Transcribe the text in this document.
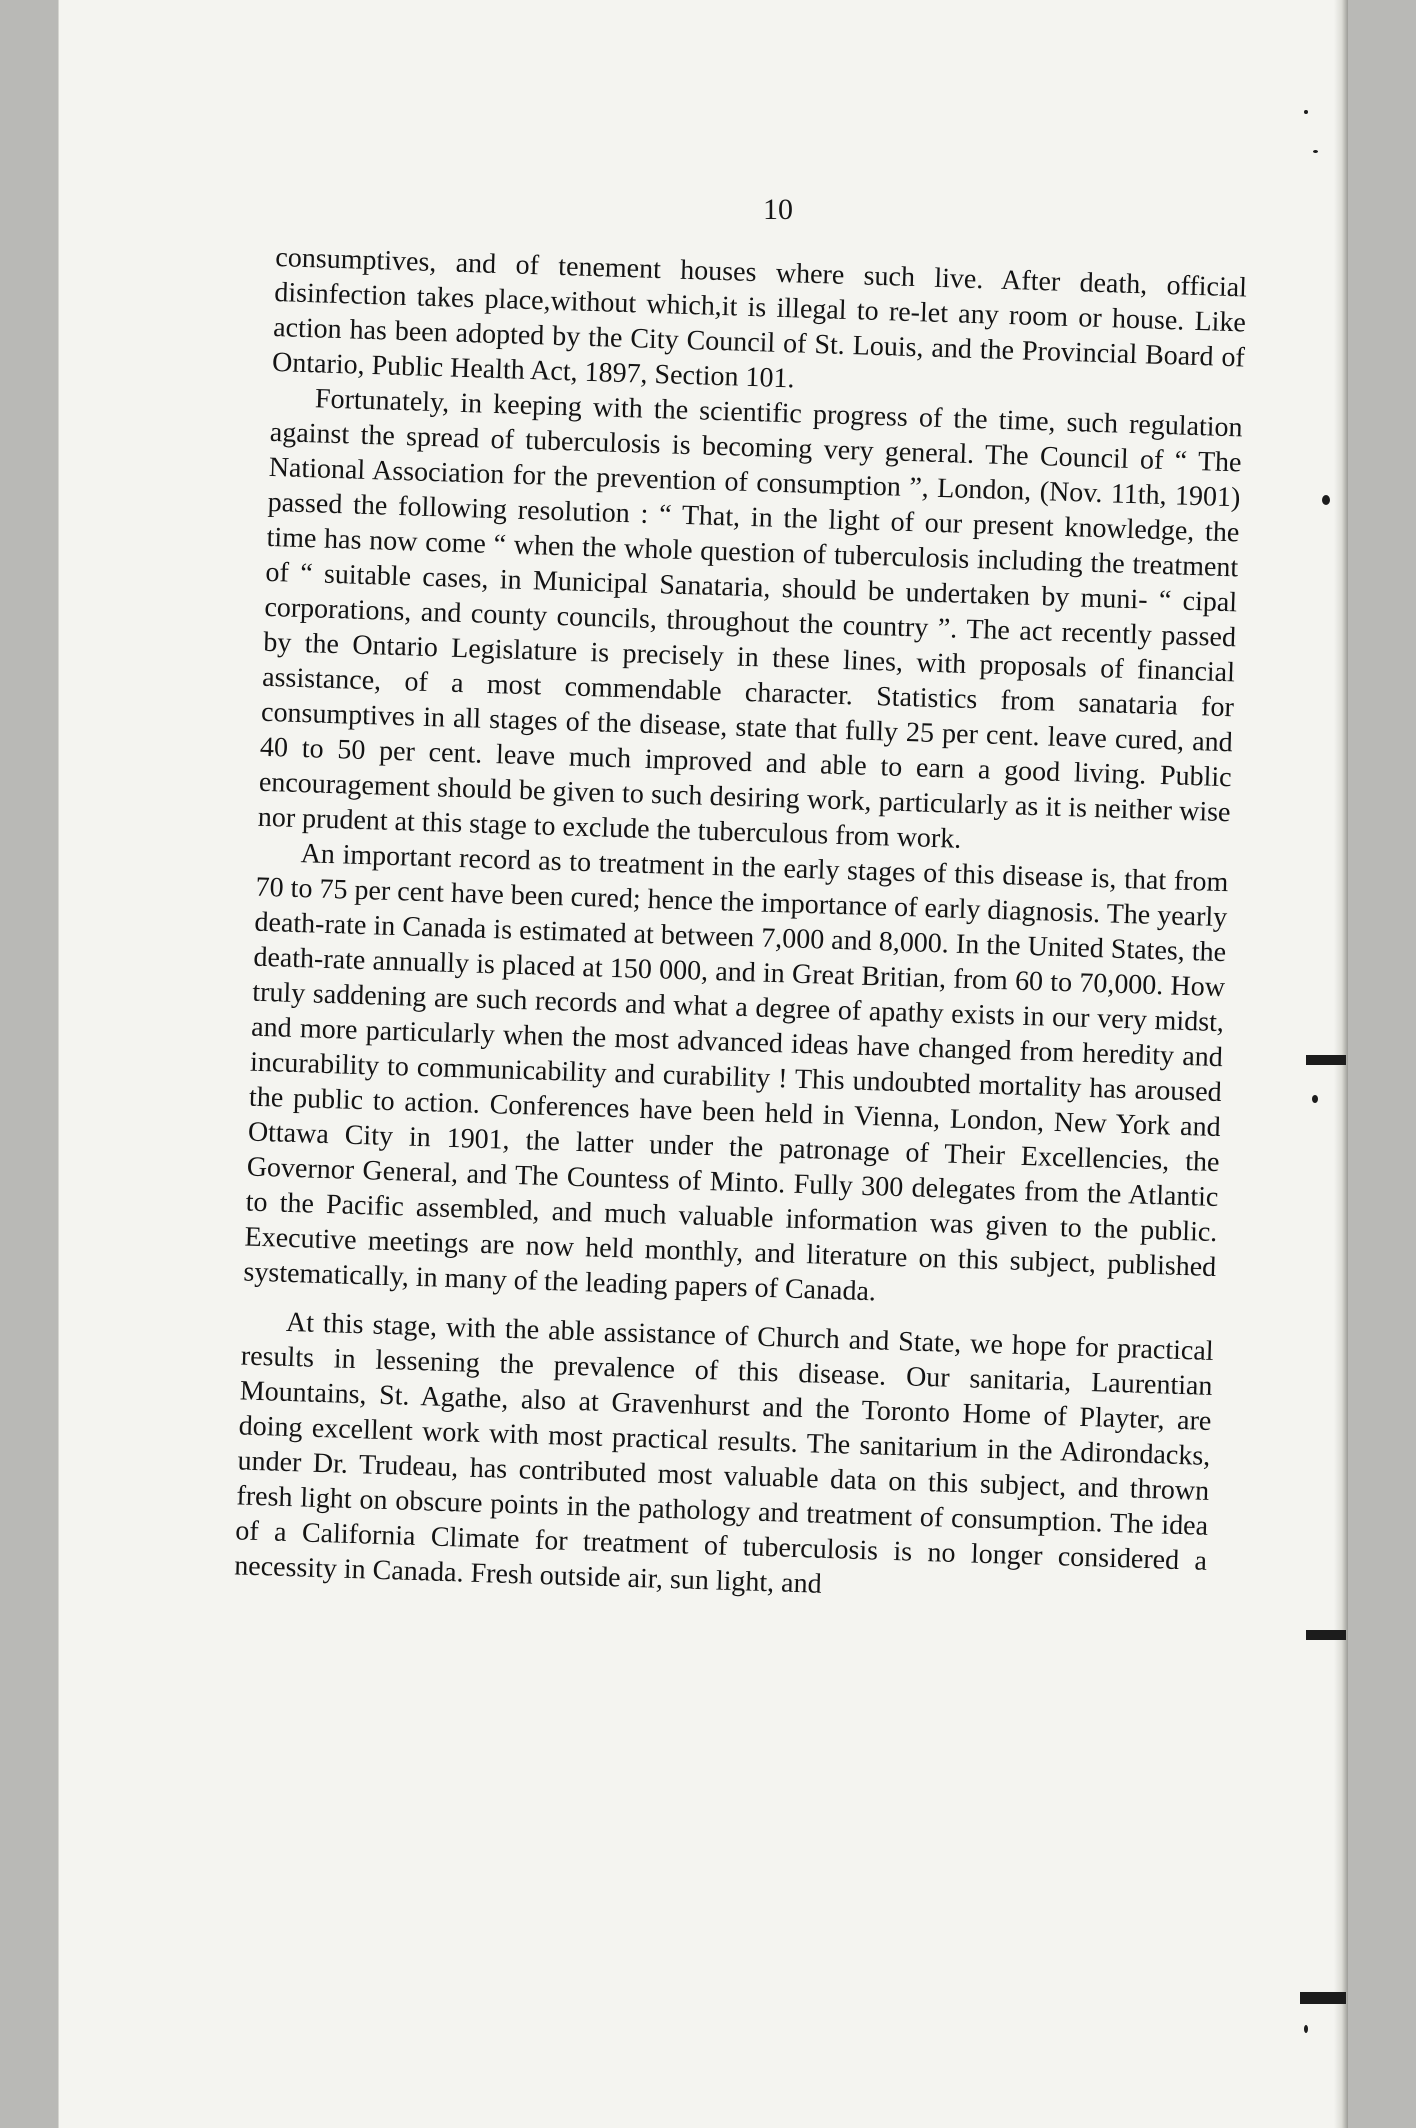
10

consumptives, and of tenement houses where such live. After death, official disinfection takes place,without which,it is illegal to re-let any room or house. Like action has been adopted by the City Council of St. Louis, and the Provincial Board of Ontario, Public Health Act, 1897, Section 101.

Fortunately, in keeping with the scientific progress of the time, such regulation against the spread of tuberculosis is becoming very general. The Council of “ The National Association for the prevention of consumption ”, London, (Nov. 11th, 1901) passed the following resolution : “ That, in the light of our present knowledge, the time has now come “ when the whole question of tuberculosis including the treatment of “ suitable cases, in Municipal Sanataria, should be undertaken by muni- “ cipal corporations, and county councils, throughout the country ”. The act recently passed by the Ontario Legislature is precisely in these lines, with proposals of financial assistance, of a most commendable character. Statistics from sanataria for consumptives in all stages of the disease, state that fully 25 per cent. leave cured, and 40 to 50 per cent. leave much improved and able to earn a good living. Public encouragement should be given to such desiring work, particularly as it is neither wise nor prudent at this stage to exclude the tuberculous from work.

An important record as to treatment in the early stages of this disease is, that from 70 to 75 per cent have been cured; hence the importance of early diagnosis. The yearly death-rate in Canada is estimated at between 7,000 and 8,000. In the United States, the death-rate annually is placed at 150 000, and in Great Britian, from 60 to 70,000. How truly saddening are such records and what a degree of apathy exists in our very midst, and more particularly when the most advanced ideas have changed from heredity and incurability to communicability and curability ! This undoubted mortality has aroused the public to action. Conferences have been held in Vienna, London, New York and Ottawa City in 1901, the latter under the patronage of Their Excellencies, the Governor General, and The Countess of Minto. Fully 300 delegates from the Atlantic to the Pacific assembled, and much valuable information was given to the public. Executive meetings are now held monthly, and literature on this subject, published systematically, in many of the leading papers of Canada.

At this stage, with the able assistance of Church and State, we hope for practical results in lessening the prevalence of this disease. Our sanitaria, Laurentian Mountains, St. Agathe, also at Gravenhurst and the Toronto Home of Playter, are doing excellent work with most practical results. The sanitarium in the Adirondacks, under Dr. Trudeau, has contributed most valuable data on this subject, and thrown fresh light on obscure points in the pathology and treatment of consumption. The idea of a California Climate for treatment of tuberculosis is no longer considered a necessity in Canada. Fresh outside air, sun light, and
